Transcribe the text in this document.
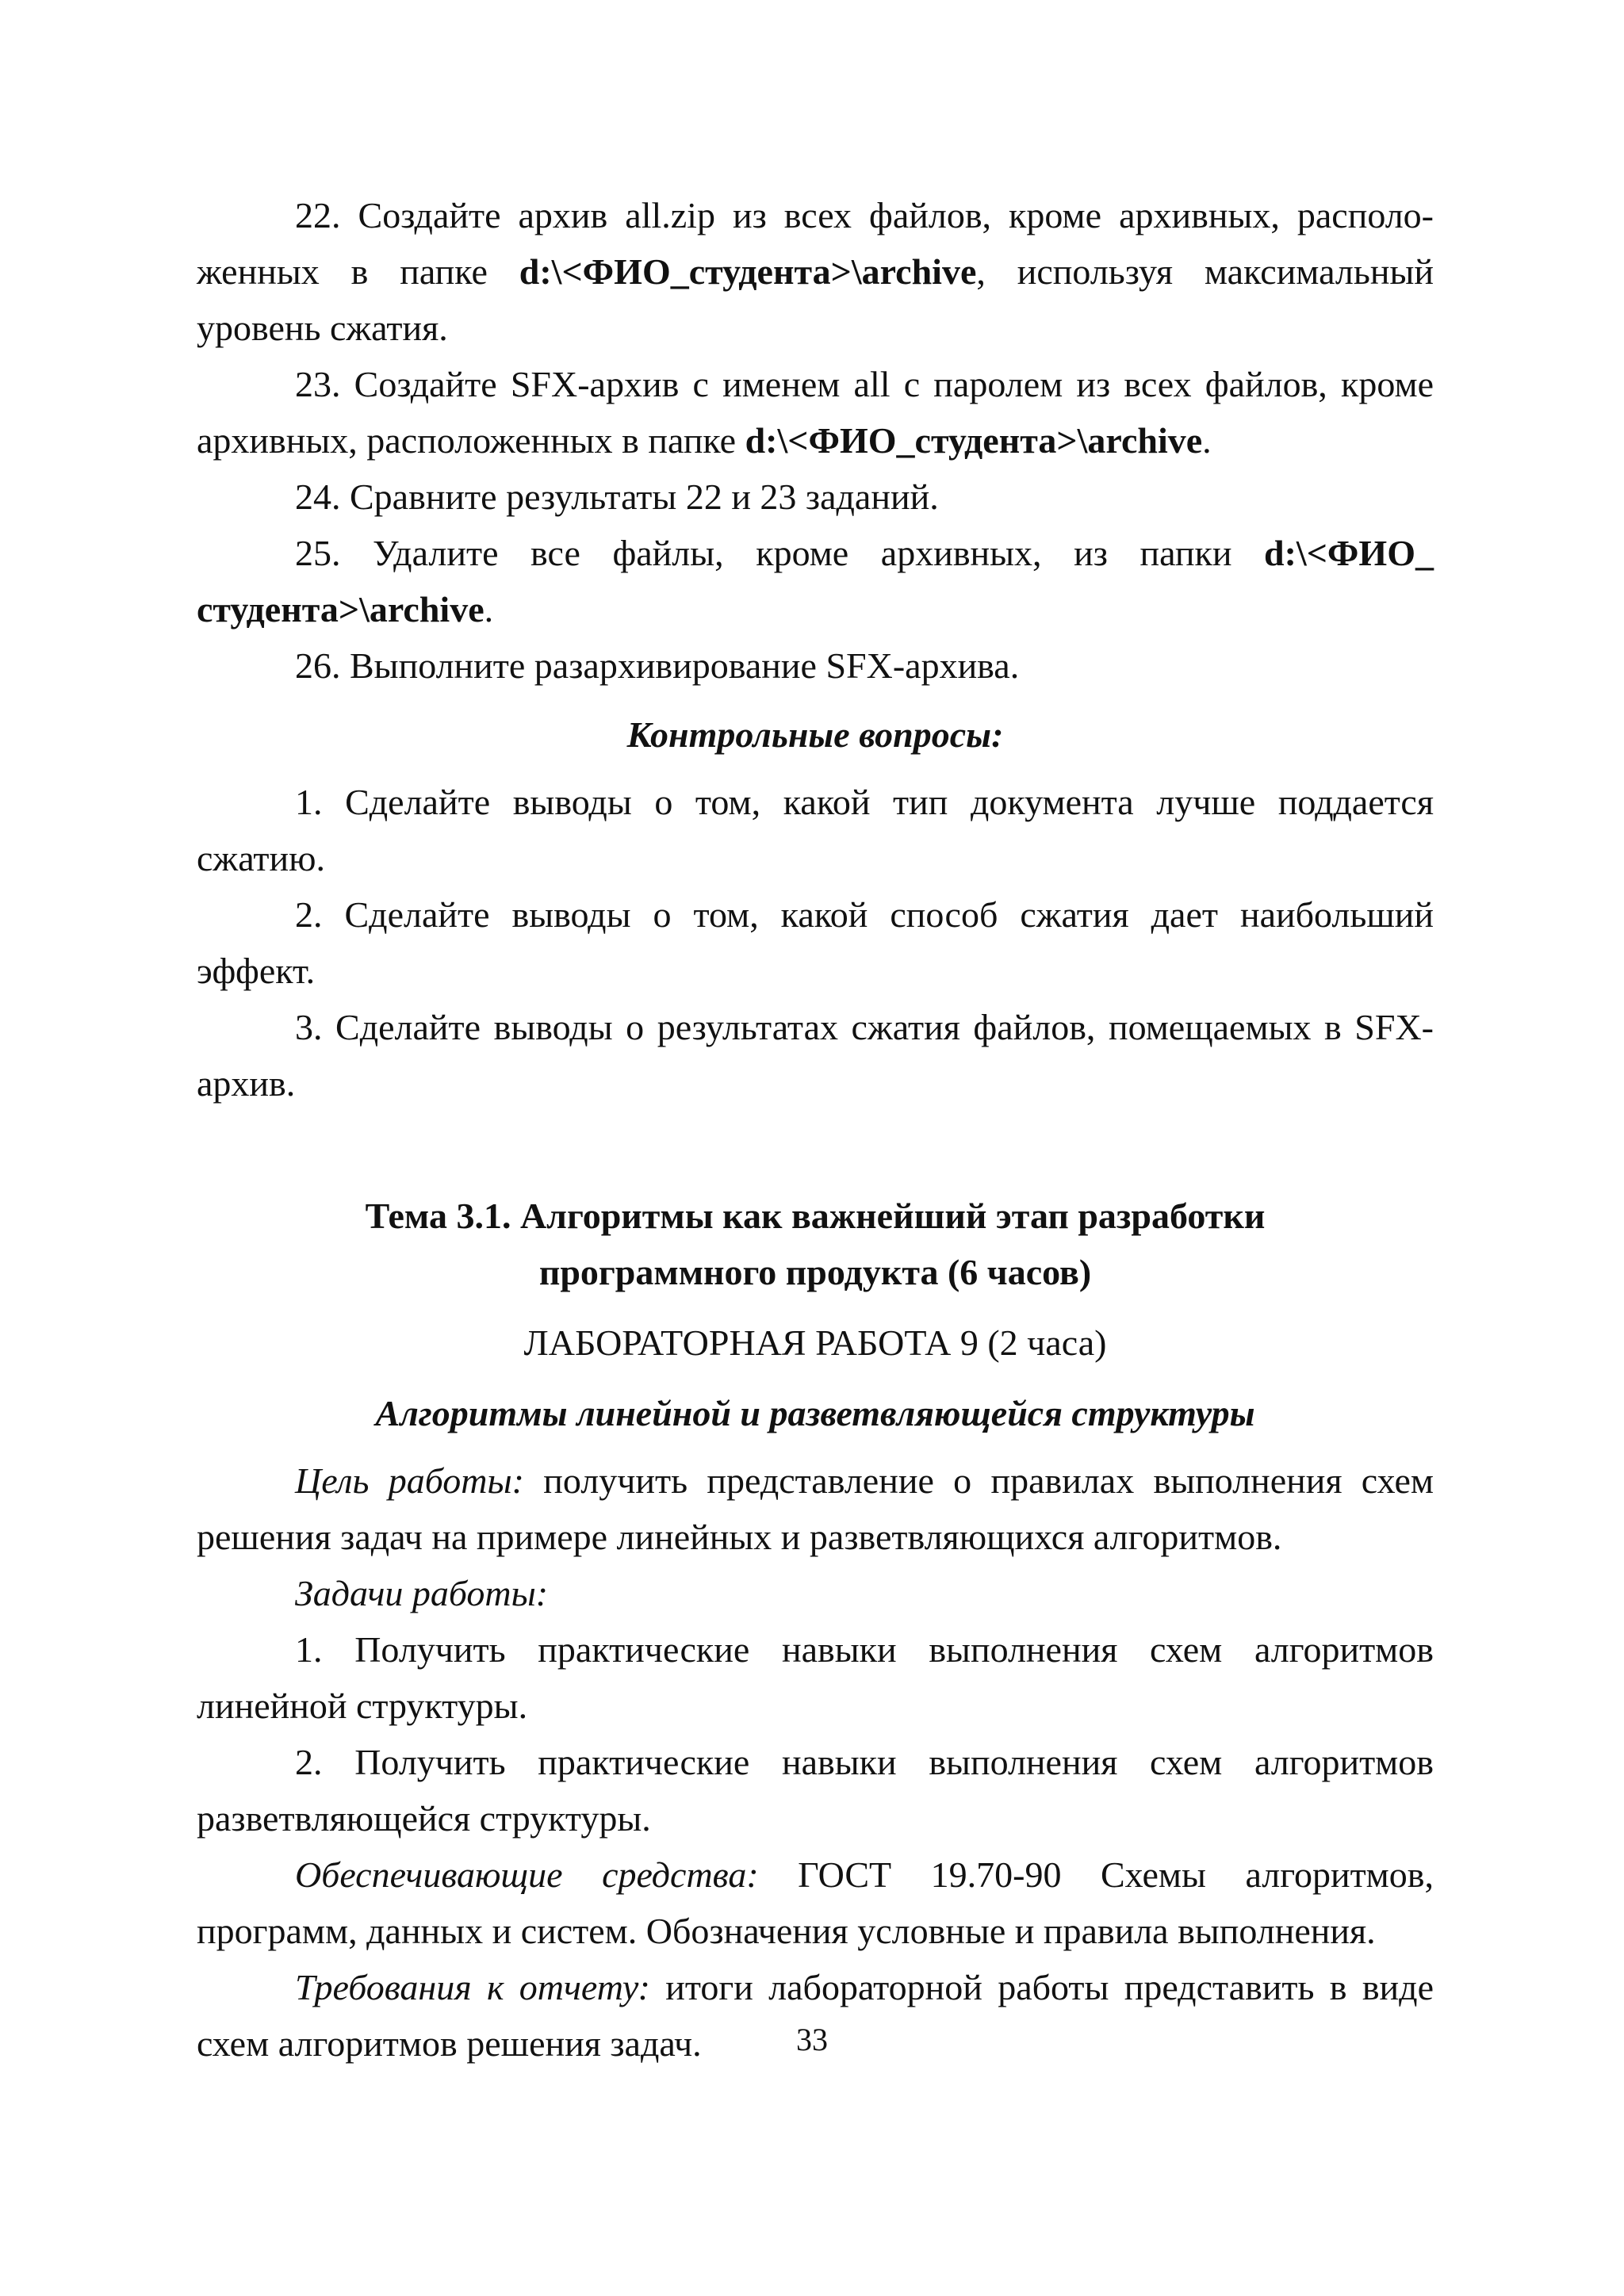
22. Создайте архив all.zip из всех файлов, кроме архивных, расположенных в папке d:\<ФИО_студента>\archive, используя максимальный уровень сжатия.

23. Создайте SFX-архив с именем all с паролем из всех файлов, кроме архивных, расположенных в папке d:\<ФИО_студента>\archive.

24. Сравните результаты 22 и 23 заданий.

25. Удалите все файлы, кроме архивных, из папки d:\<ФИО_ студента>\archive.

26. Выполните разархивирование SFX-архива.

Контрольные вопросы:

1. Сделайте выводы о том, какой тип документа лучше поддается сжатию.

2. Сделайте выводы о том, какой способ сжатия дает наибольший эффект.

3. Сделайте выводы о результатах сжатия файлов, помещаемых в SFX-архив.

Тема 3.1. Алгоритмы как важнейший этап разработки
программного продукта (6 часов)
ЛАБОРАТОРНАЯ РАБОТА 9 (2 часа)
Алгоритмы линейной и разветвляющейся структуры

Цель работы: получить представление о правилах выполнения схем решения задач на примере линейных и разветвляющихся алгоритмов.

Задачи работы:

1. Получить практические навыки выполнения схем алгоритмов линейной структуры.

2. Получить практические навыки выполнения схем алгоритмов разветвляющейся структуры.

Обеспечивающие средства: ГОСТ 19.70-90 Схемы алгоритмов, программ, данных и систем. Обозначения условные и правила выполнения.

Требования к отчету: итоги лабораторной работы представить в виде схем алгоритмов решения задач.	33
